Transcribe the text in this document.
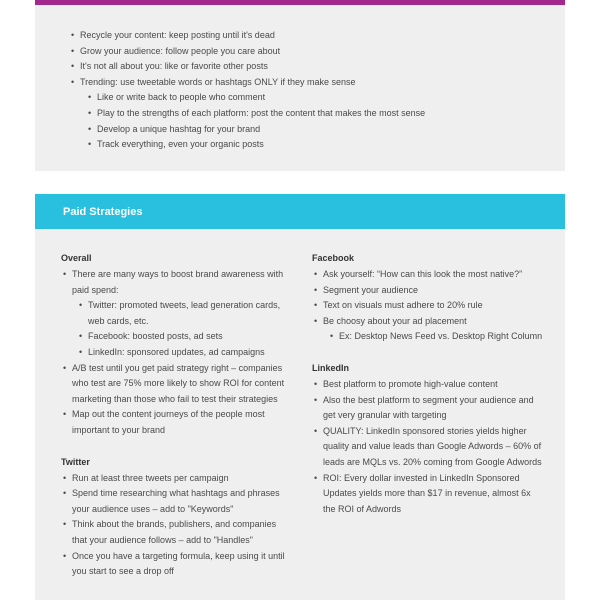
• Recycle your content: keep posting until it's dead
• Grow your audience: follow people you care about
• It's not all about you: like or favorite other posts
• Trending: use tweetable words or hashtags ONLY if they make sense
• Like or write back to people who comment
• Play to the strengths of each platform: post the content that makes the most sense
• Develop a unique hashtag for your brand
• Track everything, even your organic posts
Paid Strategies
Overall
• There are many ways to boost brand awareness with paid spend:
• Twitter: promoted tweets, lead generation cards, web cards, etc.
• Facebook: boosted posts, ad sets
• LinkedIn: sponsored updates, ad campaigns
• A/B test until you get paid strategy right – companies who test are 75% more likely to show ROI for content marketing than those who fail to test their strategies
• Map out the content journeys of the people most important to your brand
Twitter
• Run at least three tweets per campaign
• Spend time researching what hashtags and phrases your audience uses – add to "Keywords"
• Think about the brands, publishers, and companies that your audience follows – add to "Handles"
• Once you have a targeting formula, keep using it until you start to see a drop off
Facebook
• Ask yourself: “How can this look the most native?”
• Segment your audience
• Text on visuals must adhere to 20% rule
• Be choosy about your ad placement
• Ex: Desktop News Feed vs. Desktop Right Column
LinkedIn
• Best platform to promote high-value content
• Also the best platform to segment your audience and get very granular with targeting
• QUALITY: LinkedIn sponsored stories yields higher quality and value leads than Google Adwords – 60% of leads are MQLs vs. 20% coming from Google Adwords
• ROI: Every dollar invested in LinkedIn Sponsored Updates yields more than $17 in revenue, almost 6x the ROI of Adwords
